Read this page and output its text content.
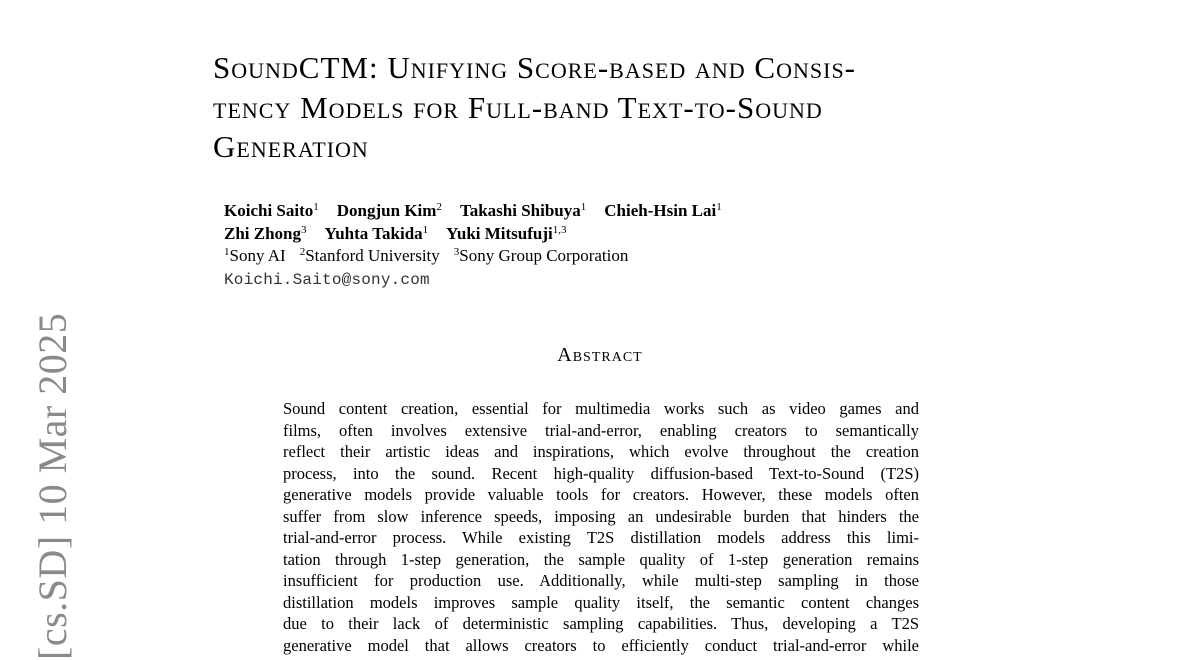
[cs.SD] 10 Mar 2025
SoundCTM: Unifying Score-based and Consis-
tency Models for Full-band Text-to-Sound
Generation
Koichi Saito$^1$ Dongjun Kim$^2$ Takashi Shibuya$^1$ Chieh-Hsin Lai$^1$
Zhi Zhong$^3$ Yuhta Takida$^1$ Yuki Mitsufuji$^{1,3}$
$^1$Sony AI $^2$Stanford University $^3$Sony Group Corporation
Koichi.Saito@sony.com
Abstract
Sound content creation, essential for multimedia works such as video games and
films, often involves extensive trial-and-error, enabling creators to semantically
reflect their artistic ideas and inspirations, which evolve throughout the creation
process, into the sound. Recent high-quality diffusion-based Text-to-Sound (T2S)
generative models provide valuable tools for creators. However, these models often
suffer from slow inference speeds, imposing an undesirable burden that hinders the
trial-and-error process. While existing T2S distillation models address this limi-
tation through 1-step generation, the sample quality of 1-step generation remains
insufficient for production use. Additionally, while multi-step sampling in those
distillation models improves sample quality itself, the semantic content changes
due to their lack of deterministic sampling capabilities. Thus, developing a T2S
generative model that allows creators to efficiently conduct trial-and-error while
